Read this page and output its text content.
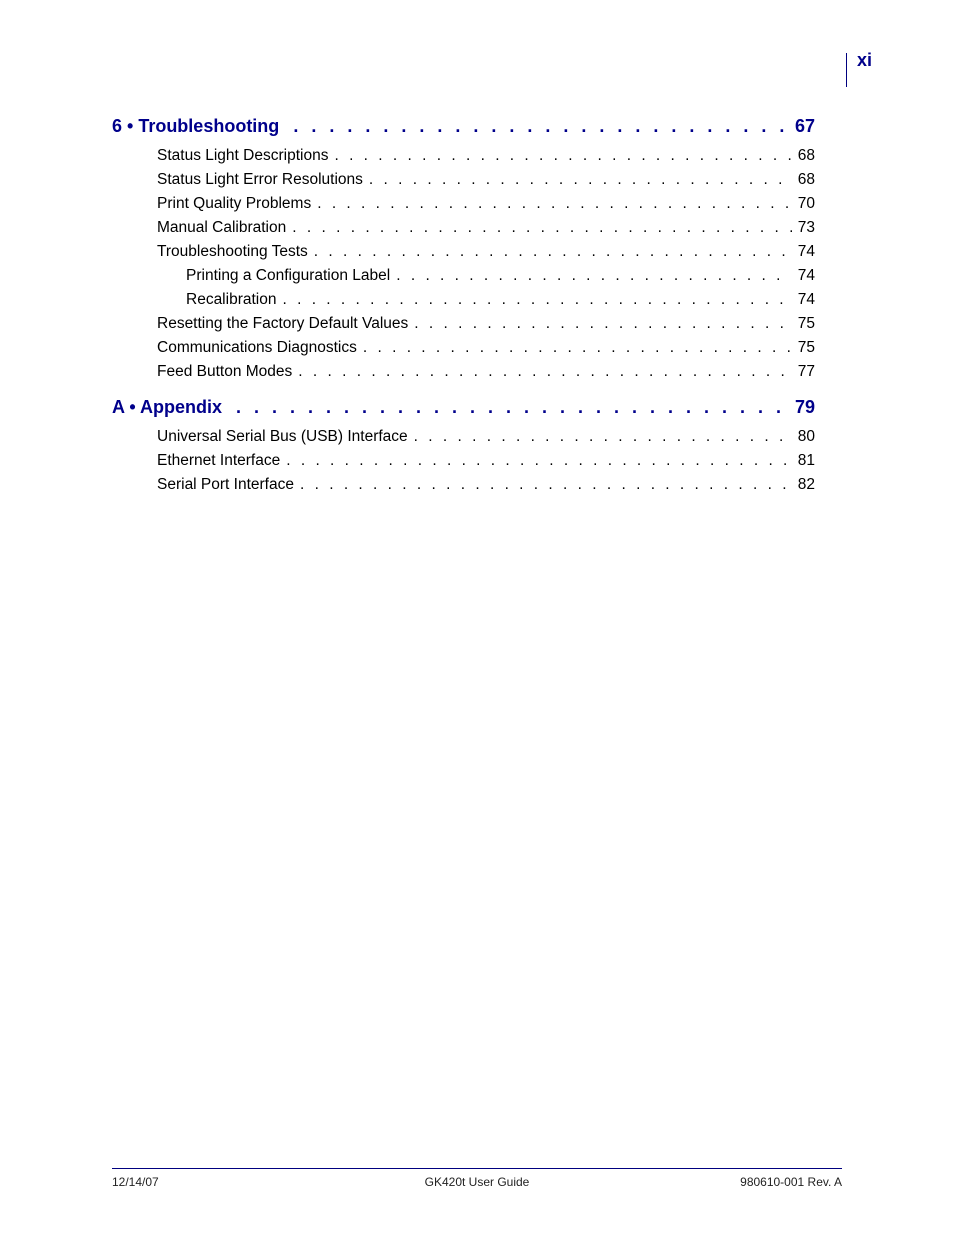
xi
6 • Troubleshooting . . .	67
Status Light Descriptions . . .	68
Status Light Error Resolutions . . .	68
Print Quality Problems . . .	70
Manual Calibration . . .	73
Troubleshooting Tests . . .	74
Printing a Configuration Label . . .	74
Recalibration . . .	74
Resetting the Factory Default Values . . .	75
Communications Diagnostics . . .	75
Feed Button Modes . . .	77
A • Appendix . . .	79
Universal Serial Bus (USB) Interface . . .	80
Ethernet Interface . . .	81
Serial Port Interface . . .	82
12/14/07	GK420t User Guide	980610-001 Rev. A
